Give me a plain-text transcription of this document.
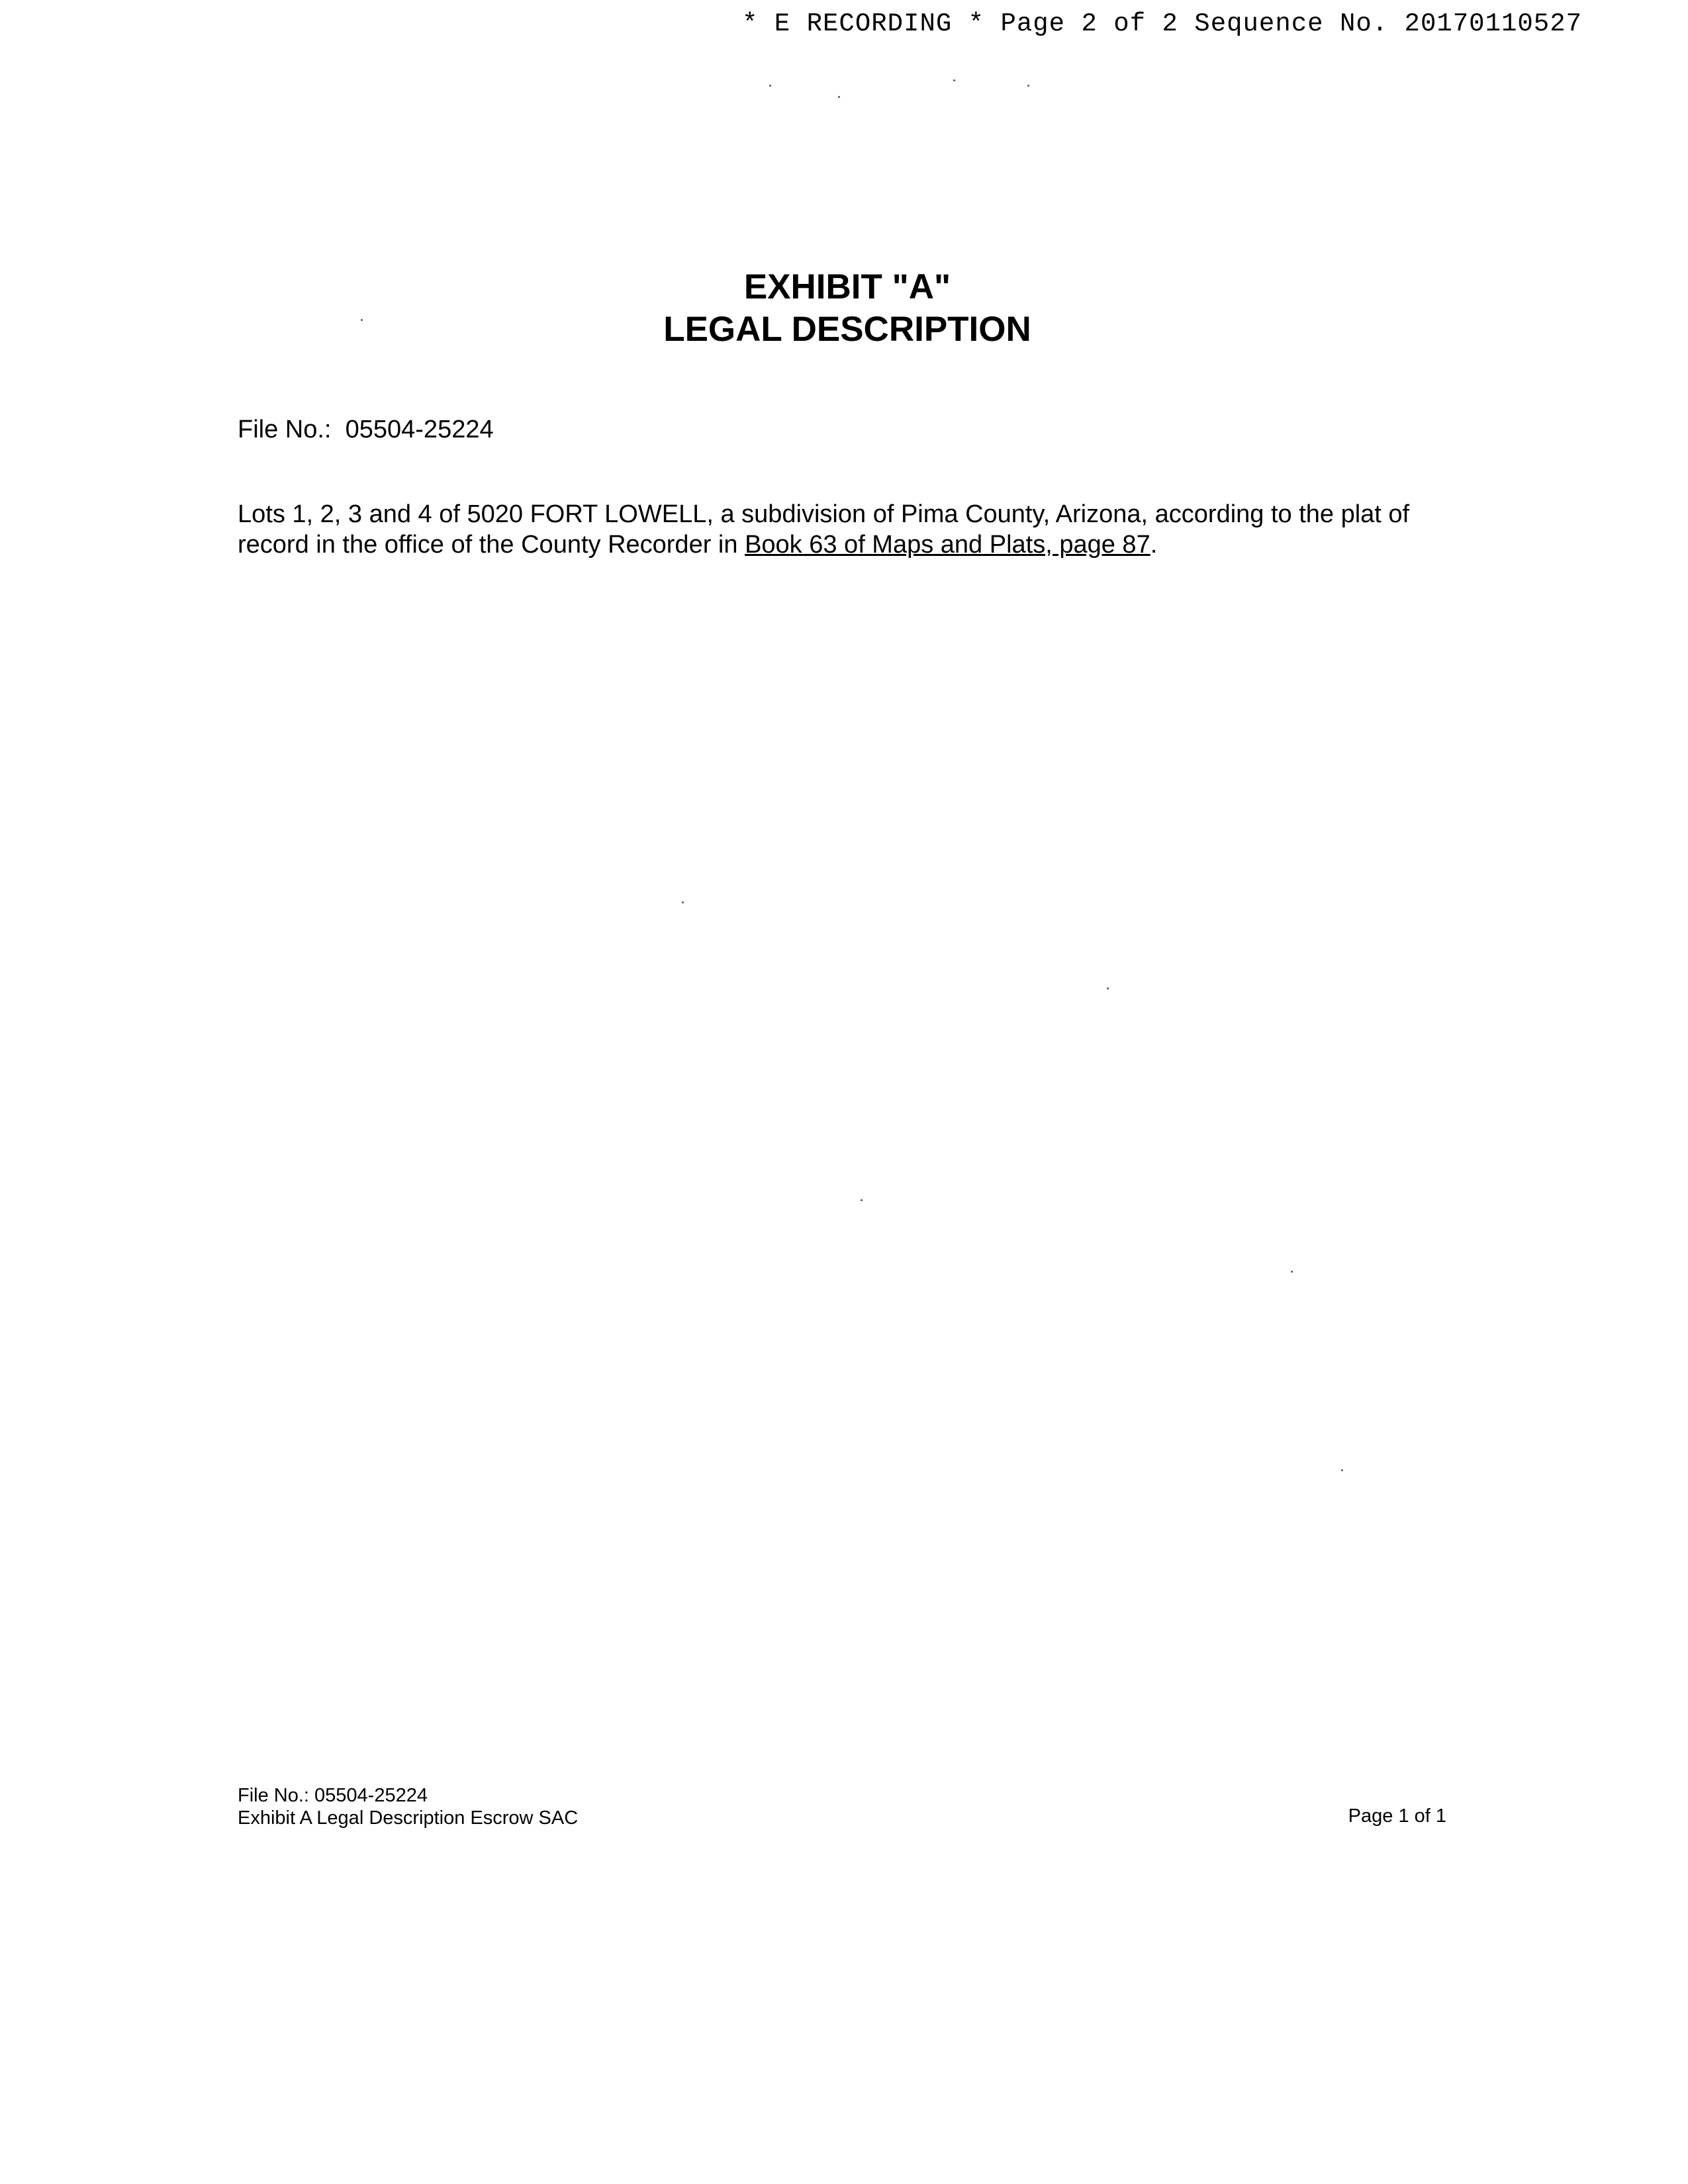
* E RECORDING * Page 2 of 2 Sequence No. 20170110527
EXHIBIT "A"
LEGAL DESCRIPTION
File No.: 05504-25224
Lots 1, 2, 3 and 4 of 5020 FORT LOWELL, a subdivision of Pima County, Arizona, according to the plat of record in the office of the County Recorder in Book 63 of Maps and Plats, page 87.
File No.: 05504-25224
Exhibit A Legal Description Escrow SAC	Page 1 of 1
